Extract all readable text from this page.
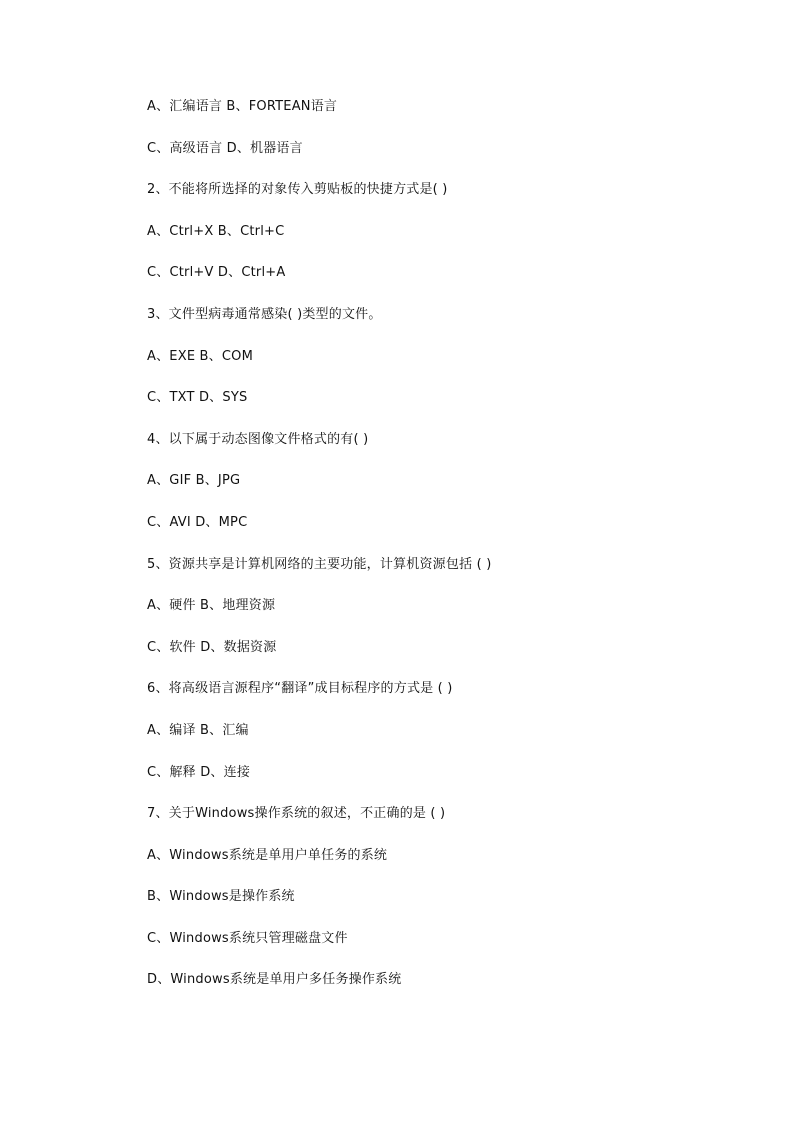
A、汇编语言 B、FORTEAN语言
C、高级语言 D、机器语言
2、不能将所选择的对象传入剪贴板的快捷方式是( )
A、Ctrl+X B、Ctrl+C
C、Ctrl+V D、Ctrl+A
3、文件型病毒通常感染( )类型的文件。
A、EXE B、COM
C、TXT D、SYS
4、以下属于动态图像文件格式的有( )
A、GIF B、JPG
C、AVI D、MPC
5、资源共享是计算机网络的主要功能，计算机资源包括 ( )
A、硬件 B、地理资源
C、软件 D、数据资源
6、将高级语言源程序“翻译”成目标程序的方式是 ( )
A、编译 B、汇编
C、解释 D、连接
7、关于Windows操作系统的叙述，不正确的是 ( )
A、Windows系统是单用户单任务的系统
B、Windows是操作系统
C、Windows系统只管理磁盘文件
D、Windows系统是单用户多任务操作系统
